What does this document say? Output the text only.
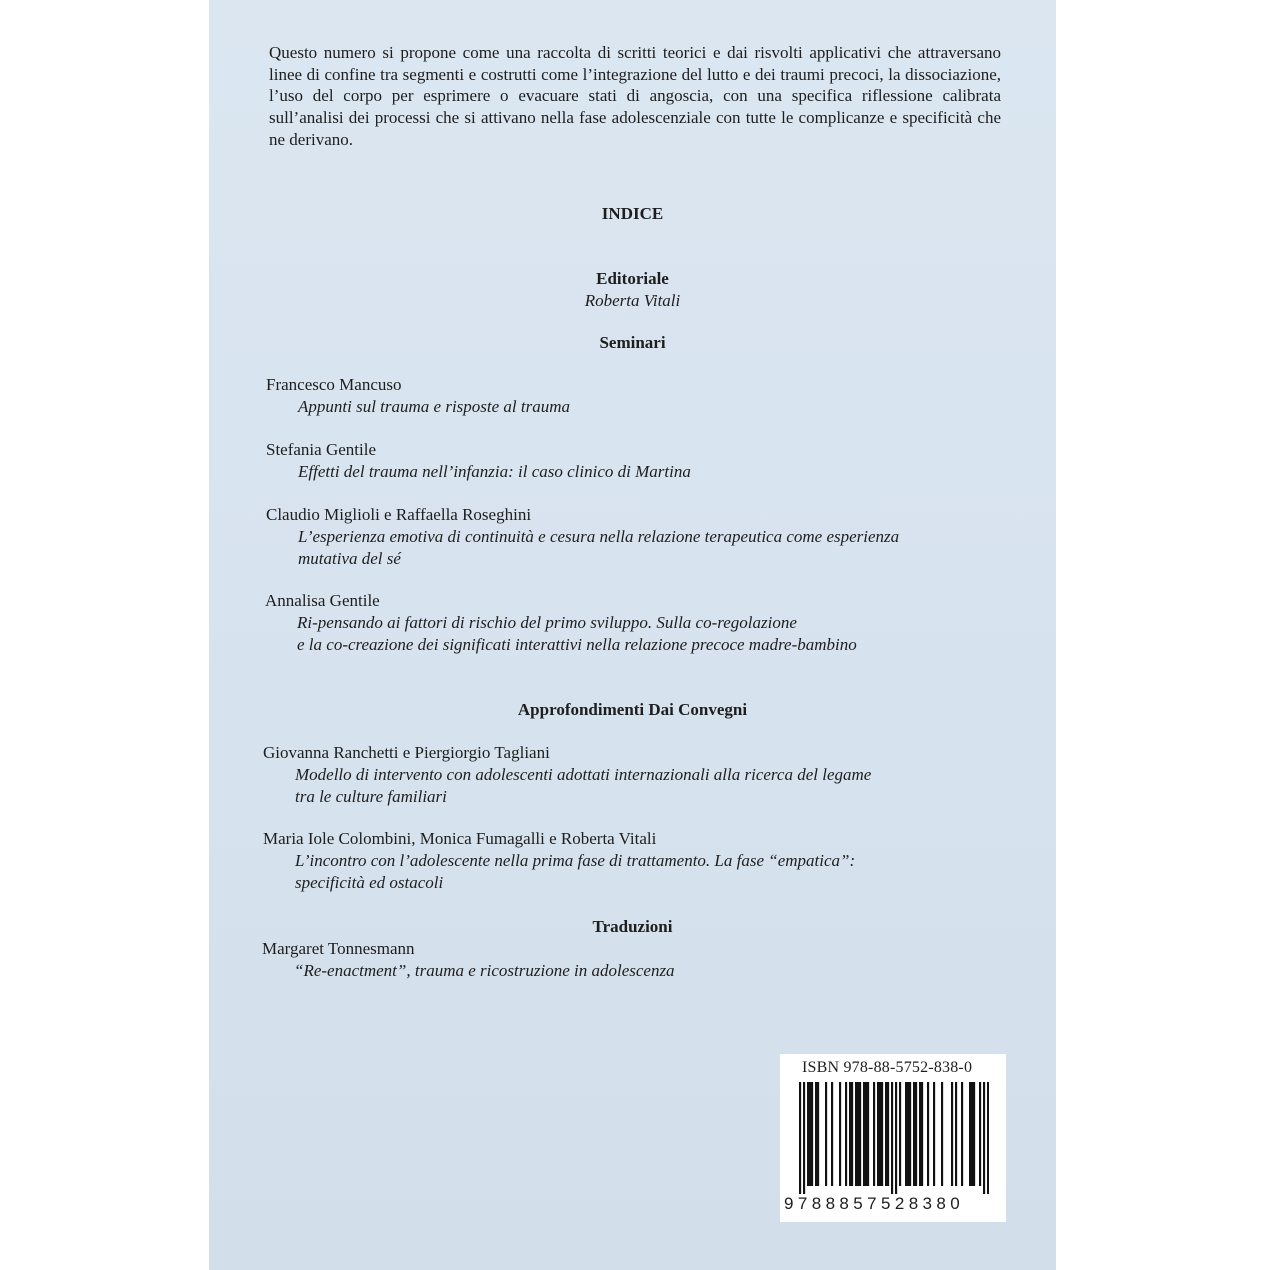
Questo numero si propone come una raccolta di scritti teorici e dai risvolti applicativi che attraversano linee di confine tra segmenti e costrutti come l’integrazione del lutto e dei traumi precoci, la dissociazione, l’uso del corpo per esprimere o evacuare stati di angoscia, con una specifica riflessione calibrata sull’analisi dei processi che si attivano nella fase adolescenziale con tutte le complicanze e specificità che ne derivano.

INDICE
Editoriale
Roberta Vitali
Seminari
Francesco Mancuso
Appunti sul trauma e risposte al trauma
Stefania Gentile
Effetti del trauma nell’infanzia: il caso clinico di Martina
Claudio Miglioli e Raffaella Roseghini
L’esperienza emotiva di continuità e cesura nella relazione terapeutica come esperienza
mutativa del sé
Annalisa Gentile
Ri-pensando ai fattori di rischio del primo sviluppo. Sulla co-regolazione
e la co-creazione dei significati interattivi nella relazione precoce madre-bambino
Approfondimenti Dai Convegni
Giovanna Ranchetti e Piergiorgio Tagliani
Modello di intervento con adolescenti adottati internazionali alla ricerca del legame
tra le culture familiari
Maria Iole Colombini, Monica Fumagalli e Roberta Vitali
L’incontro con l’adolescente nella prima fase di trattamento. La fase “empatica”:
specificità ed ostacoli
Traduzioni
Margaret Tonnesmann
“Re-enactment”, trauma e ricostruzione in adolescenza
ISBN 978-88-5752-838-0
9788857528380
